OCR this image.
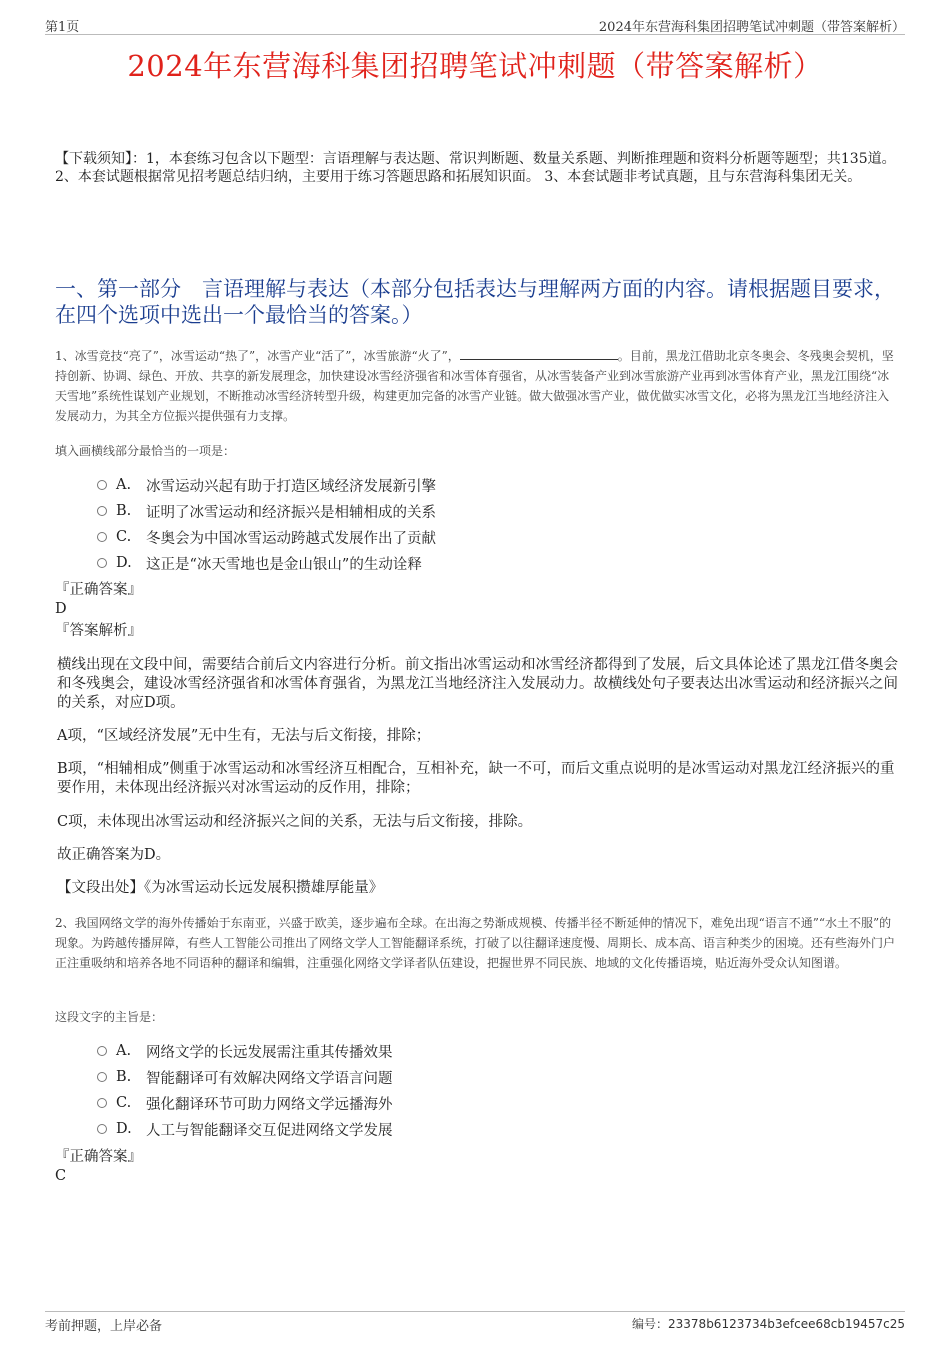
第1页	2024年东营海科集团招聘笔试冲刺题（带答案解析）
2024年东营海科集团招聘笔试冲刺题（带答案解析）
【下载须知】：1，本套练习包含以下题型：言语理解与表达题、常识判断题、数量关系题、判断推理题和资料分析题等题型；共135道。 2、本套试题根据常见招考题总结归纳，主要用于练习答题思路和拓展知识面。 3、本套试题非考试真题，且与东营海科集团无关。
一、第一部分　言语理解与表达（本部分包括表达与理解两方面的内容。请根据题目要求，在四个选项中选出一个最恰当的答案。）

1、冰雪竞技“亮了”，冰雪运动“热了”，冰雪产业“活了”，冰雪旅游“火了”，	。目前，黑龙江借助北京冬奥会、冬残奥会契机，坚持创新、协调、绿色、开放、共享的新发展理念，加快建设冰雪经济强省和冰雪体育强省，从冰雪装备产业到冰雪旅游产业再到冰雪体育产业，黑龙江围绕“冰天雪地”系统性谋划产业规划，不断推动冰雪经济转型升级，构建更加完备的冰雪产业链。做大做强冰雪产业，做优做实冰雪文化，必将为黑龙江当地经济注入发展动力，为其全方位振兴提供强有力支撑。

填入画横线部分最恰当的一项是：

A.	冰雪运动兴起有助于打造区域经济发展新引擎
B.	证明了冰雪运动和经济振兴是相辅相成的关系
C.	冬奥会为中国冰雪运动跨越式发展作出了贡献
D. 这正是“冰天雪地也是金山银山”的生动诠释
『正确答案』
D
『答案解析』
横线出现在文段中间，需要结合前后文内容进行分析。前文指出冰雪运动和冰雪经济都得到了发展，后文具体论述了黑龙江借冬奥会和冬残奥会，建设冰雪经济强省和冰雪体育强省，为黑龙江当地经济注入发展动力。故横线处句子要表达出冰雪运动和经济振兴之间的关系，对应D项。
A项，“区域经济发展”无中生有，无法与后文衔接，排除；
B项，“相辅相成”侧重于冰雪运动和冰雪经济互相配合，互相补充，缺一不可，而后文重点说明的是冰雪运动对黑龙江经济振兴的重要作用，未体现出经济振兴对冰雪运动的反作用，排除；
C项，未体现出冰雪运动和经济振兴之间的关系，无法与后文衔接，排除。
故正确答案为D。
【文段出处】《为冰雪运动长远发展积攒雄厚能量》

2、我国网络文学的海外传播始于东南亚，兴盛于欧美，逐步遍布全球。在出海之势渐成规模、传播半径不断延伸的情况下，难免出现“语言不通”“水土不服”的现象。为跨越传播屏障，有些人工智能公司推出了网络文学人工智能翻译系统，打破了以往翻译速度慢、周期长、成本高、语言种类少的困境。还有些海外门户正注重吸纳和培养各地不同语种的翻译和编辑，注重强化网络文学译者队伍建设，把握世界不同民族、地域的文化传播语境，贴近海外受众认知图谱。

这段文字的主旨是：

A.	网络文学的长远发展需注重其传播效果
B.	智能翻译可有效解决网络文学语言问题
C.	强化翻译环节可助力网络文学远播海外
D. 人工与智能翻译交互促进网络文学发展
『正确答案』
C
考前押题，上岸必备	编号：23378b6123734b3efcee68cb19457c25
